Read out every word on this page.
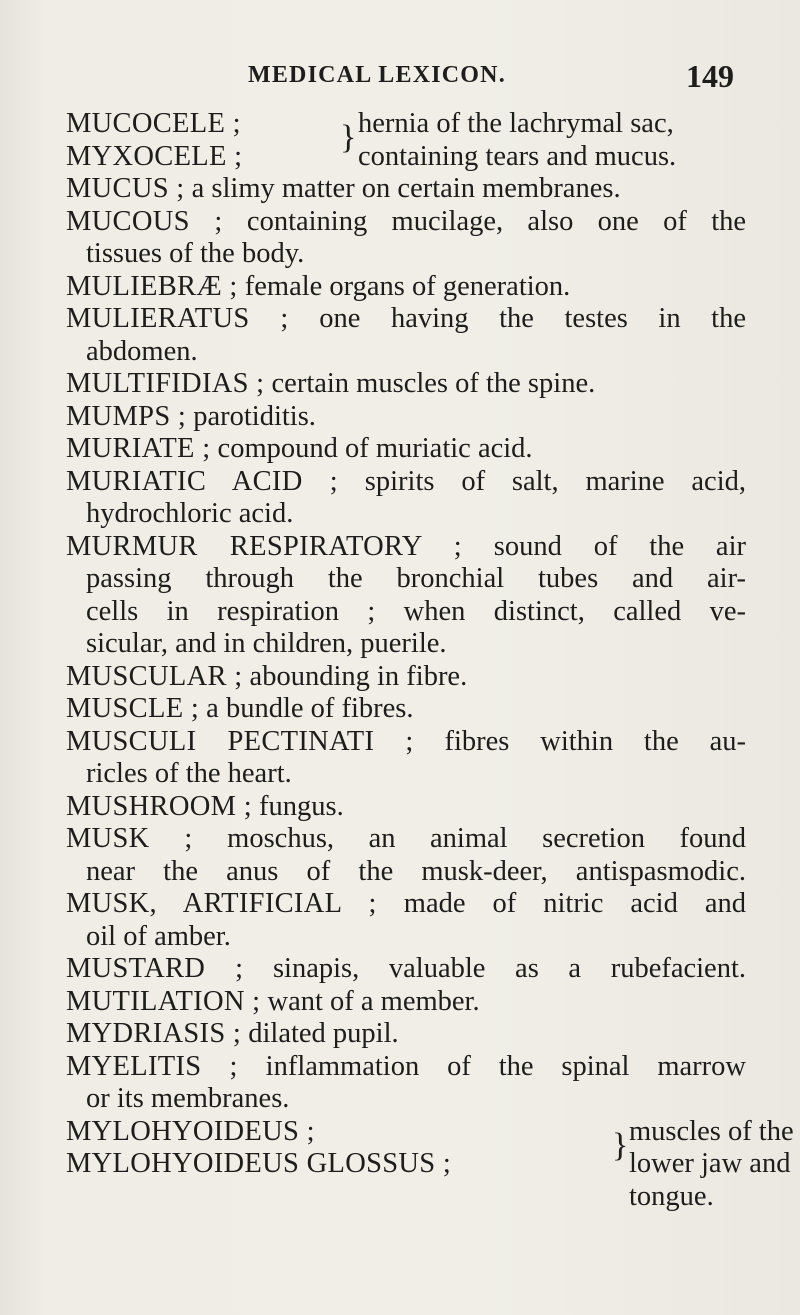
MEDICAL LEXICON.	149
MUCOCELE ;	hernia of the lachrymal sac,
MYXOCELE ;	containing tears and mucus.
}
MUCUS ; a slimy matter on certain membranes.
MUCOUS ; containing mucilage, also one of the
tissues of the body.
MULIEBRÆ ; female organs of generation.
MULIERATUS ; one having the testes in the
abdomen.
MULTIFIDIAS ; certain muscles of the spine.
MUMPS ; parotiditis.
MURIATE ; compound of muriatic acid.
MURIATIC ACID ; spirits of salt, marine acid,
hydrochloric acid.
MURMUR RESPIRATORY ; sound of the air
passing through the bronchial tubes and air-
cells in respiration ; when distinct, called ve-
sicular, and in children, puerile.
MUSCULAR ; abounding in fibre.
MUSCLE ; a bundle of fibres.
MUSCULI PECTINATI ; fibres within the au-
ricles of the heart.
MUSHROOM ; fungus.
MUSK ; moschus, an animal secretion found
near the anus of the musk-deer, antispasmodic.
MUSK, ARTIFICIAL ; made of nitric acid and
oil of amber.
MUSTARD ; sinapis, valuable as a rubefacient.
MUTILATION ; want of a member.
MYDRIASIS ; dilated pupil.
MYELITIS ; inflammation of the spinal marrow
or its membranes.
MYLOHYOIDEUS ;	muscles of the
MYLOHYOIDEUS GLOSSUS ;	lower jaw and
}
tongue.
